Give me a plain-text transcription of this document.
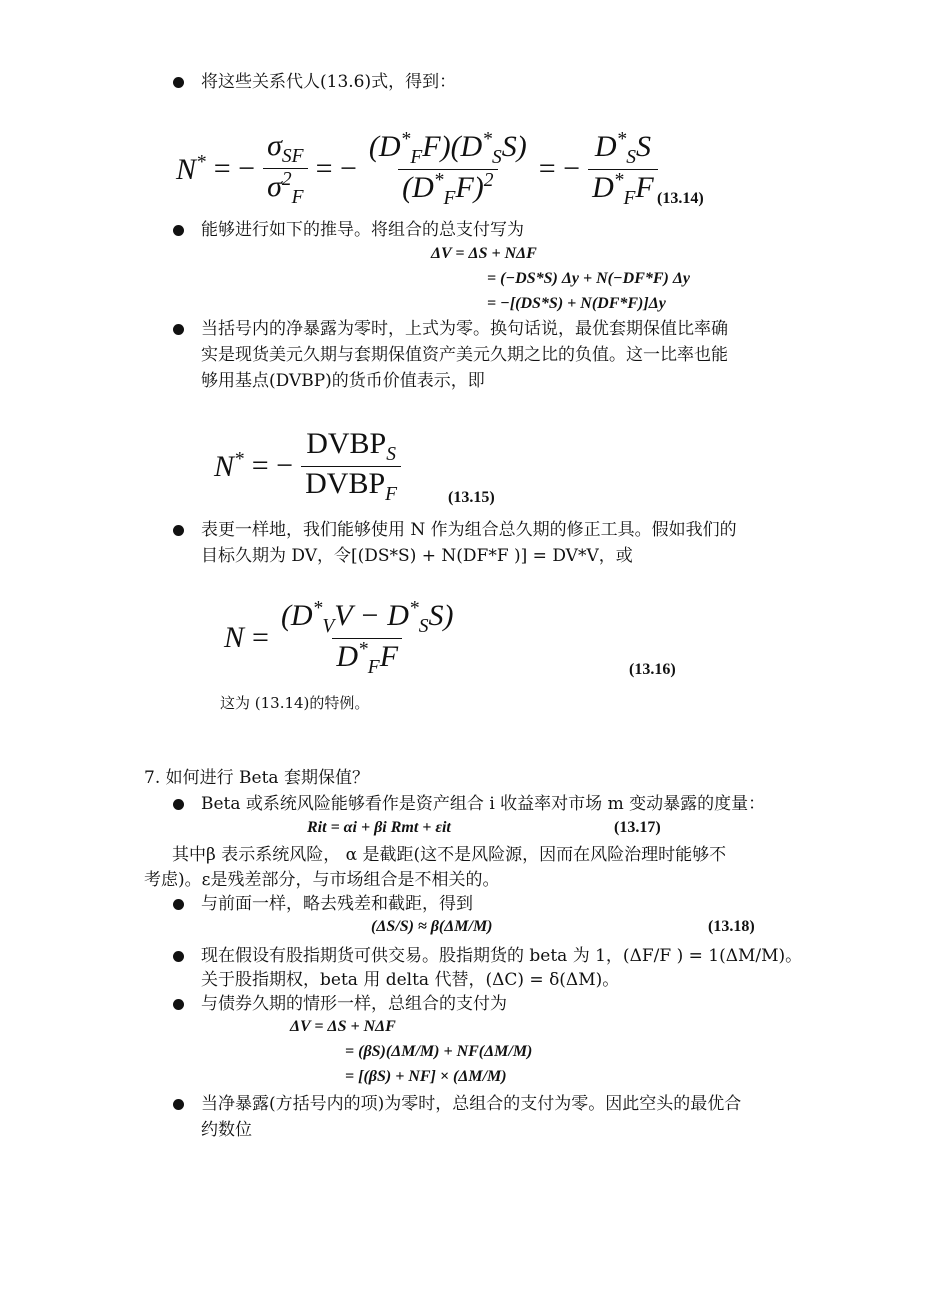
将这些关系代人(13.6)式，得到：
N* = − $\frac{\sigma_{SF}}{\sigma^2_F}$ = − $\frac{(D^*_FF)(D^*_SS)}{(D^*_FF)^2}$ = − $\frac{D^*_SS}{D^*_FF} (13.14)$
能够进行如下的推导。将组合的总支付写为
ΔV = ΔS + NΔF
= (−DS*S) Δy + N(−DF*F) Δy
= −[(DS*S) + N(DF*F)]Δy
当括号内的净暴露为零时，上式为零。换句话说，最优套期保值比率确
实是现货美元久期与套期保值资产美元久期之比的负值。这一比率也能
够用基点(DVBP)的货币价值表示，即
N* = − $\frac{DVBP_S}{DVBP_F}$	(13.15)
表更一样地，我们能够使用 N 作为组合总久期的修正工具。假如我们的
目标久期为 DV，令[(DS*S) + N(DF*F )] = DV*V，或
$N = \frac{(D^*_VV - D^*_SS)}{D^*_FF}$	(13.16)
这为 (13.14)的特例。
7. 如何进行 Beta 套期保值？
Beta 或系统风险能够看作是资产组合 i 收益率对市场 m 变动暴露的度量：
Rit = αi + βi Rmt + εit	(13.17)
其中β 表示系统风险， α 是截距(这不是风险源，因而在风险治理时能够不
考虑)。ε是残差部分，与市场组合是不相关的。
与前面一样，略去残差和截距，得到
(ΔS/S) ≈ β(ΔM/M)	(13.18)
现在假设有股指期货可供交易。股指期货的 beta 为 1，(ΔF/F ) = 1(ΔM/M)。
关于股指期权，beta 用 delta 代替，(ΔC) = δ(ΔM)。
与债券久期的情形一样，总组合的支付为
ΔV = ΔS + NΔF
= (βS)(ΔM/M) + NF(ΔM/M)
= [(βS) + NF] × (ΔM/M)
当净暴露(方括号内的项)为零时，总组合的支付为零。因此空头的最优合
约数位
